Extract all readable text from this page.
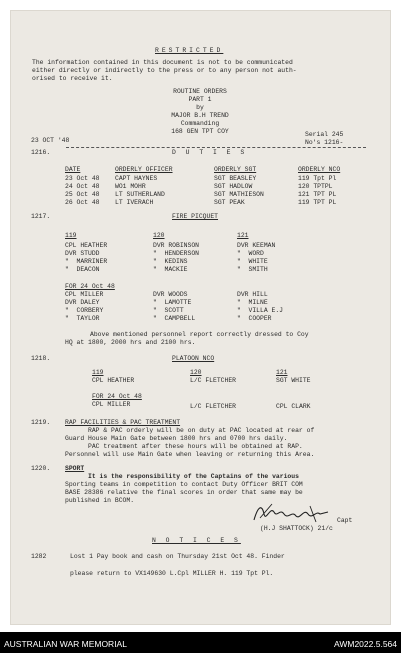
RESTRICTED
The information contained in this document is not to be communicated
either directly or indirectly to the press or to any person not auth-
orised to receive it.
ROUTINE ORDERS
PART 1
by
MAJOR B.H TREND
Commanding
168 GEN TPT COY
23 OCT '48
Serial 245
No's 1216-
1216.	D U T I E S
DATE	ORDERLY OFFICER	ORDERLY SGT	ORDERLY NCO
23 Oct 48 CAPT HAYNES	SGT BEASLEY	119 Tpt Pl
24 Oct 48 WO1 MOHR	SGT HADLOW	120 TPTPL
25 Oct 48 LT SUTHERLAND	SGT MATHIESON	121 TPT PL
26 Oct 48 LT IVERACH	SGT PEAK	119 TPT PL
1217.	FIRE PICQUET
119	120	121
CPL HEATHER	DVR ROBINSON	DVR KEEMAN
DVR STUDD	"  HENDERSON	"  WORD
"  MARRINER	"  KEDINS	"  WHITE
"  DEACON	"  MACKIE	"  SMITH
FOR 24 Oct 48
CPL MILLER	DVR WOODS	DVR HILL
DVR DALEY	"  LAMOTTE	"  MILNE
"  CORBERY	"  SCOTT	"  VILLA E.J
"  TAYLOR	"  CAMPBELL	"  COOPER
Above mentioned personnel report correctly dressed to Coy
HQ at 1800, 2000 hrs and 2100 hrs.
1218.	PLATOON NCO
119	120	121
CPL HEATHER	L/C FLETCHER	SGT WHITE
FOR 24 Oct 48
CPL MILLER	L/C FLETCHER	CPL CLARK
1219. RAP FACILITIES & PAC TREATMENT
RAP & PAC orderly will be on duty at PAC located at rear of
Guard House Main Gate between 1800 hrs and 0700 hrs daily.
PAC treatment after these hours will be obtained at RAP.
Personnel will use Main Gate when leaving or returning this Area.
1220. SPORT
It is the responsibility of the Captains of the various
Sporting teams in competition to contact Duty Officer BRIT COM
BASE 28386 relative the final scores in order that same may be
published in BCOM.
Capt
(H.J SHATTOCK) 21/c
N O T I C E S
1282	Lost 1 Pay book and cash on Thursday 21st Oct 48. Finder
please return to VX149630 L.Cpl MILLER H. 119 Tpt Pl.
AUSTRALIAN WAR MEMORIAL	AWM2022.5.564
